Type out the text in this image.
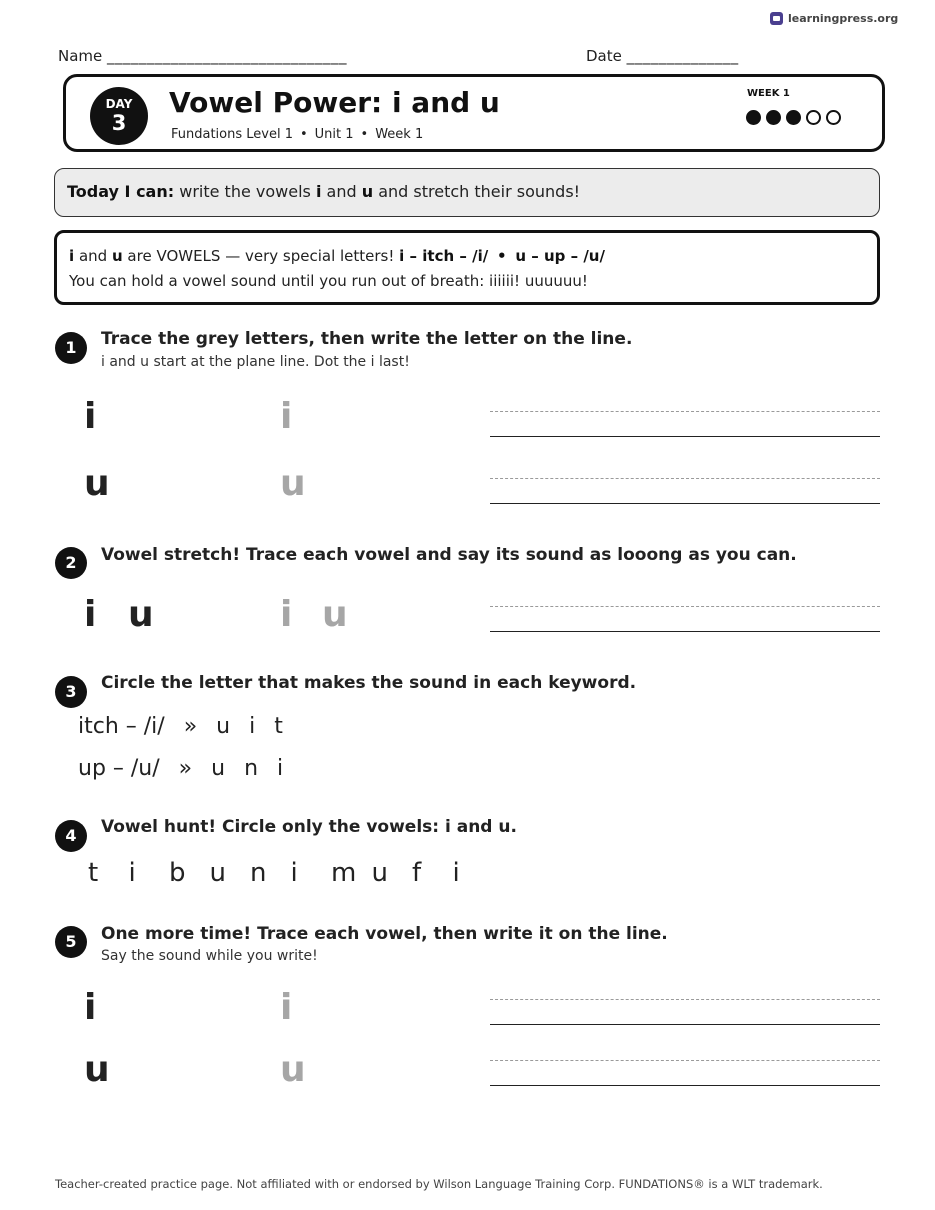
learningpress.org
Name ______________________________	Date ______________
DAY
3
Vowel Power: i and u
Fundations Level 1 • Unit 1 • Week 1
WEEK 1
Today I can: write the vowels i and u and stretch their sounds!
i and u are VOWELS — very special letters! i – itch – /i/ • u – up – /u/
You can hold a vowel sound until you run out of breath: iiiiii! uuuuuu!
1	Trace the grey letters, then write the letter on the line.
i and u start at the plane line. Dot the i last!
i	i
u	u
2	Vowel stretch! Trace each vowel and say its sound as looong as you can.
i u	i u
3	Circle the letter that makes the sound in each keyword.
itch – /i/ » u i t
up – /u/ » u n i
4	Vowel hunt! Circle only the vowels: i and u.
t	i	b u n i	m u f	i
5	One more time! Trace each vowel, then write it on the line.
Say the sound while you write!
i	i
u	u
Teacher-created practice page. Not affiliated with or endorsed by Wilson Language Training Corp. FUNDATIONS® is a WLT trademark.
